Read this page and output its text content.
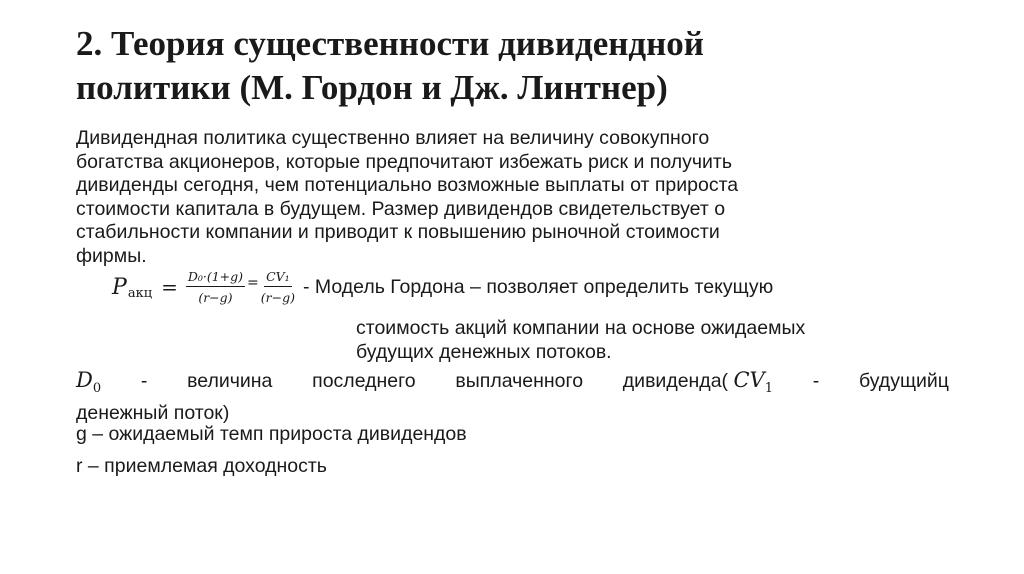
2. Теория существенности дивидендной
политики (М. Гордон и Дж. Линтнер)
Дивидендная политика существенно влияет на величину совокупного
богатства акционеров, которые предпочитают избежать риск и получить
дивиденды сегодня, чем потенциально возможные выплаты от прироста
стоимости капитала в будущем. Размер дивидендов свидетельствует о
стабильности компании и приводит к повышению рыночной стоимости
фирмы.
P акц = $\frac{\text{D₀·(1+g)}}{(r-g)} = \frac{\text{CV₁}}{(r-g)}$ - Модель Гордона – позволяет определить текущую
стоимость акций компании на основе ожидаемых
будущих денежных потоков.
$D_0$ - величина последнего выплаченного дивиденда( $CV_1$ - будущийц
денежный поток)
g – ожидаемый темп прироста дивидендов
r – приемлемая доходность
